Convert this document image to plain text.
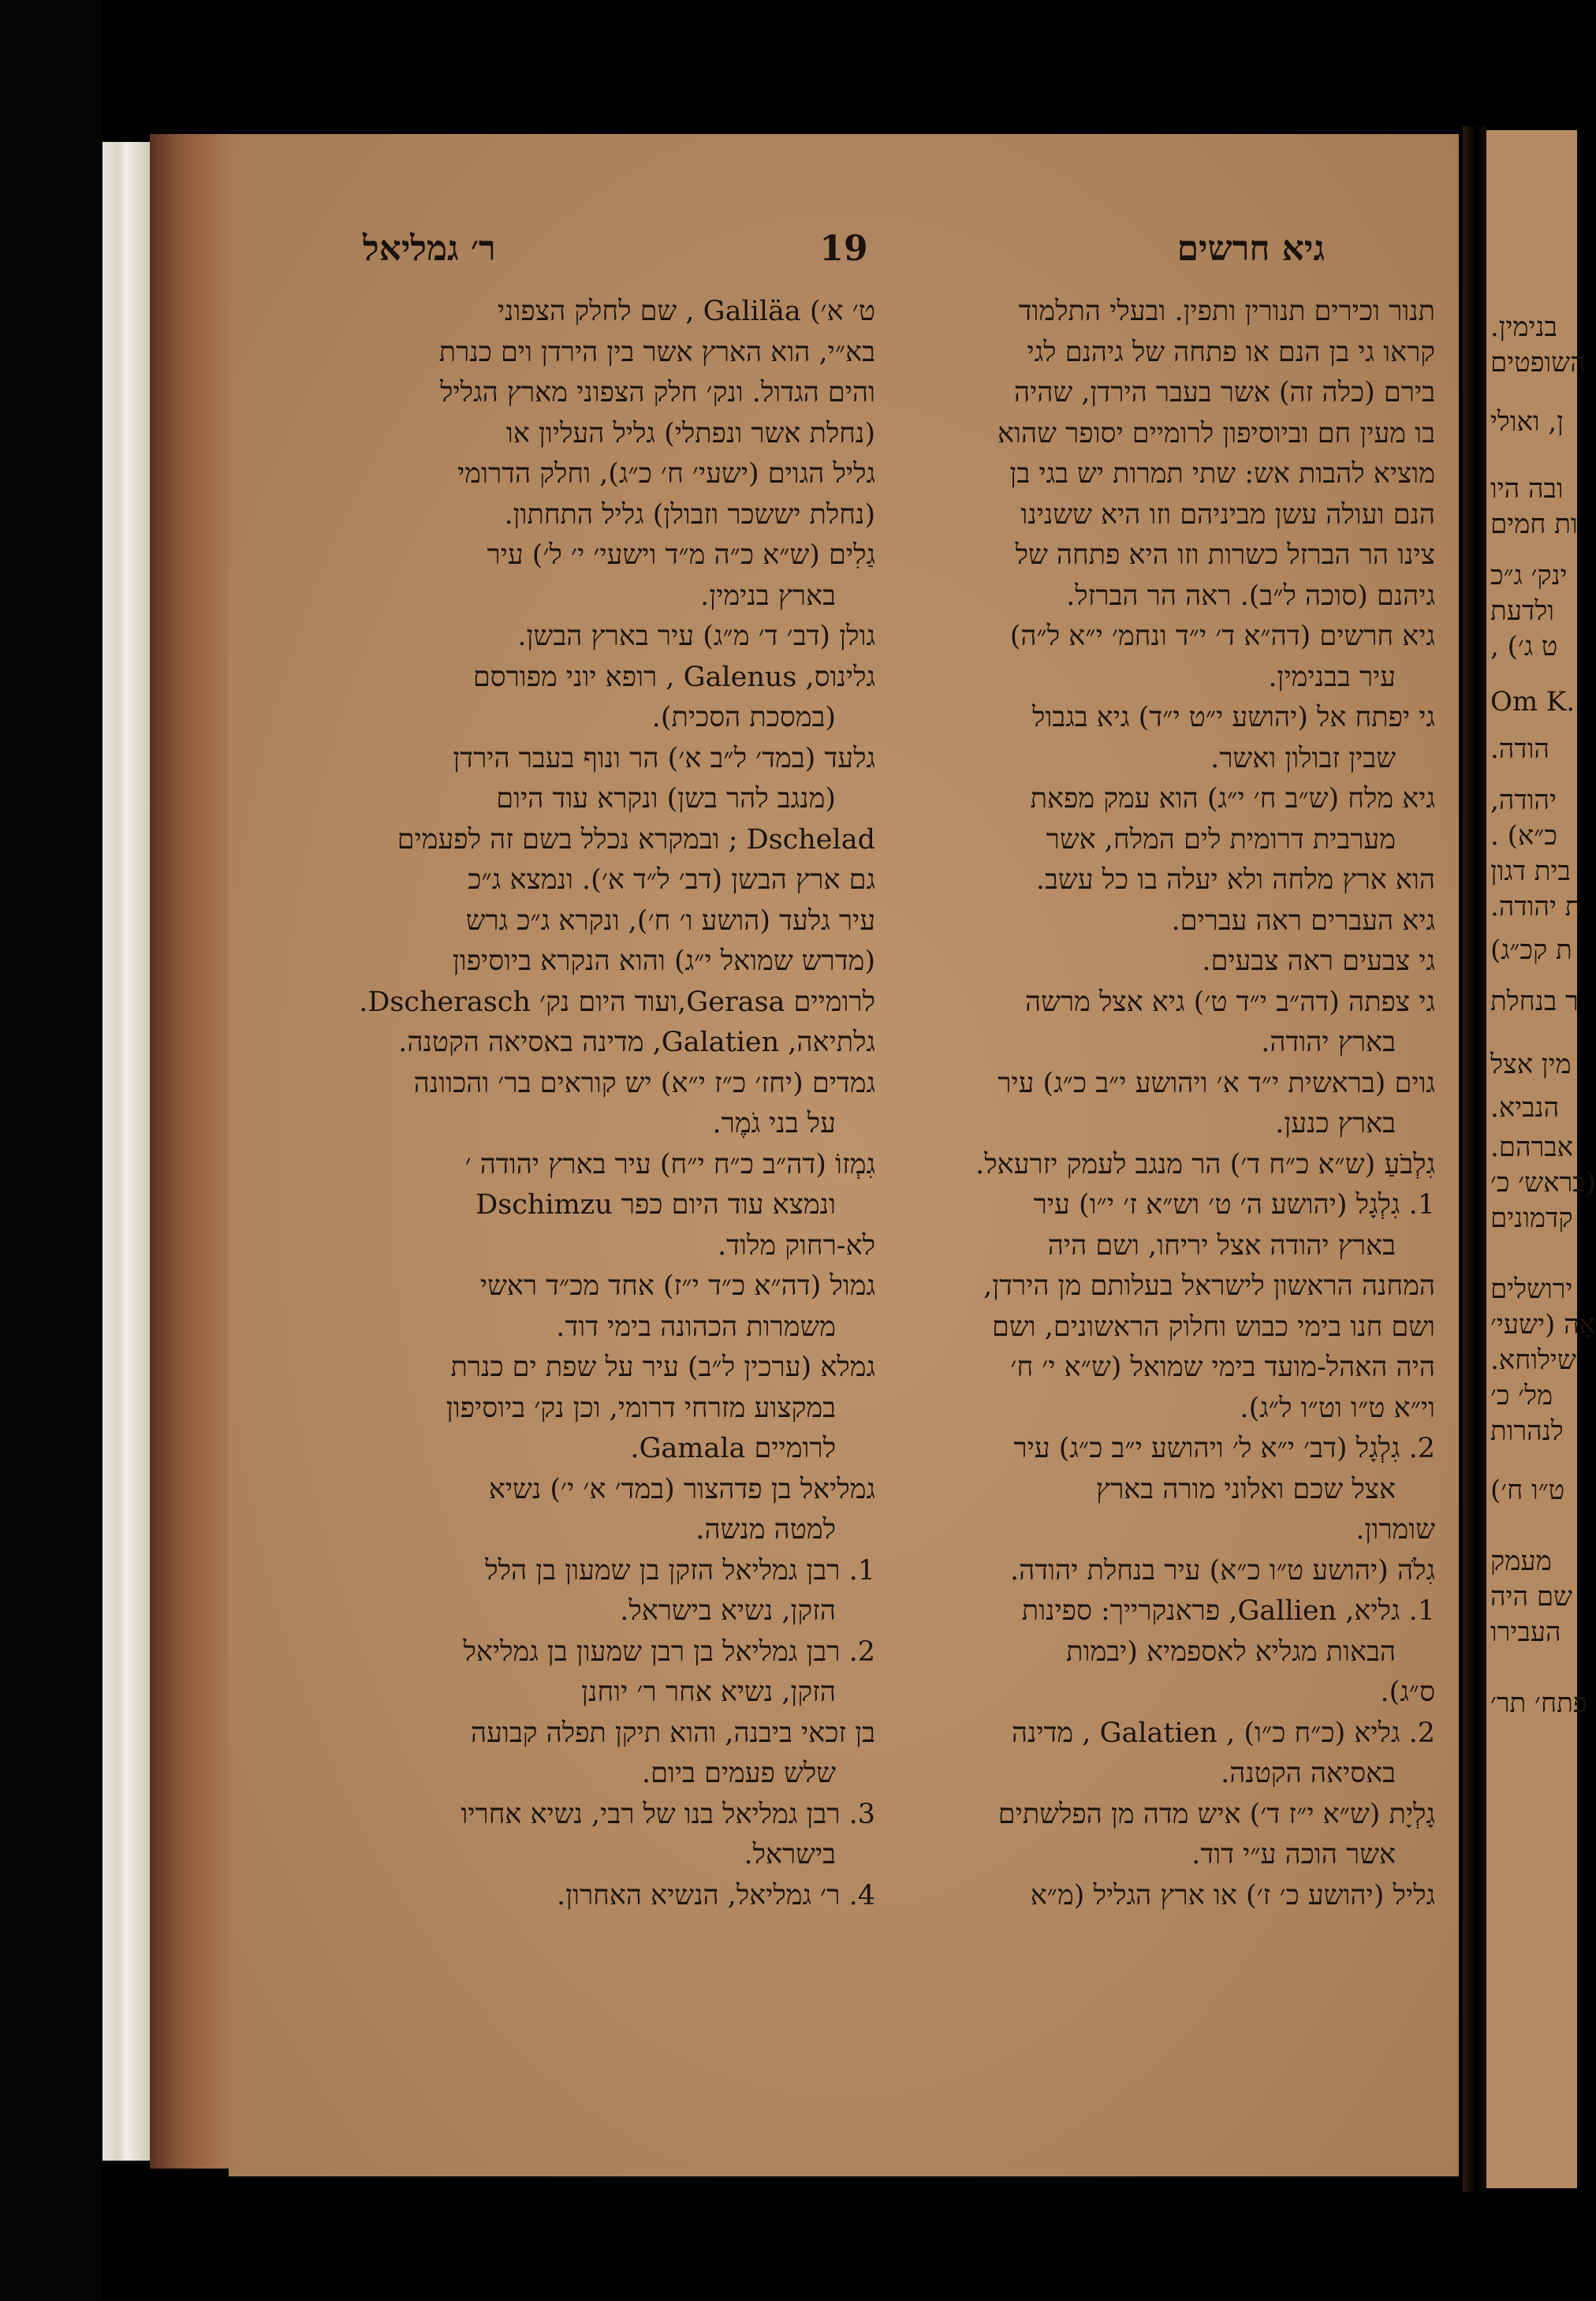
בנימין.
השופטים
ן, ואולי
ובה היו
ות חמים
ינק׳ ג״כ
ולדעת
ט ג׳) ,
.Om K
הודה.
יהודה,
כ״א) .
בית דגון
ת יהודה.
ת קכ״ג)
ר בנחלת
מין אצל
הנביא.
אברהם.
(בראש׳ כ׳
קדמונים
ירושלים
אָה (ישעי׳
שילוחא.
מל׳ כ׳
לנהרות
ט״ו ח׳)
מעמק
שם היה
העבירו
פתח׳ תר׳
גיא חרשים
19
ר׳ גמליאל
תנור וכירים תנורין ותפין. ובעלי התלמוד
קראו גי בן הנם או פתחה של גיהנם לגי
בירם (כלה זה) אשר בעבר הירדן, שהיה
בו מעין חם וביוסיפון לרומיים יסופר שהוא
מוציא להבות אש: שתי תמרות יש בגי בן
הנם ועולה עשן מביניהם וזו היא ששנינו
צינו הר הברזל כשרות וזו היא פתחה של
גיהנם (סוכה ל״ב). ראה הר הברזל.
גיא חרשים (דה״א ד׳ י״ד ונחמ׳ י״א ל״ה)
עיר בבנימין.
גי יפתח אל (יהושע י״ט י״ד) גיא בגבול
שבין זבולון ואשר.
גיא מלח (ש״ב ח׳ י״ג) הוא עמק מפאת
מערבית דרומית לים המלח, אשר
הוא ארץ מלחה ולא יעלה בו כל עשב.
גיא העברים ראה עברים.
גי צבעים ראה צבעים.
גי צפתה (דה״ב י״ד ט׳) גיא אצל מרשה
בארץ יהודה.
גוים (בראשית י״ד א׳ ויהושע י״ב כ״ג) עיר
בארץ כנען.
גִלְבֹעַ (ש״א כ״ח ד׳) הר מנגב לעמק יזרעאל.
1. גִלְגָל (יהושע ה׳ ט׳ וש״א ז׳ י״ו) עיר
בארץ יהודה אצל יריחו, ושם היה
המחנה הראשון לישראל בעלותם מן הירדן,
ושם חנו בימי כבוש וחלוק הראשונים, ושם
היה האהל-מועד בימי שמואל (ש״א י׳ ח׳
וי״א ט״ו וט״ו ל״ג).
2. גִלְגָל (דב׳ י״א ל׳ ויהושע י״ב כ״ג) עיר
אצל שכם ואלוני מורה בארץ
שומרון.
גִלֹה (יהושע ט״ו כ״א) עיר בנחלת יהודה.
1. גליא, Gallien, פראנקרייך: ספינות
הבאות מגליא לאספמיא (יבמות
ס״ג).
2. גליא (כ״ח כ״ו) , Galatien , מדינה
באסיאה הקטנה.
גָלְיָת (ש״א י״ז ד׳) איש מדה מן הפלשתים
אשר הוכה ע״י דוד.
גליל (יהושע כ׳ ז׳) או ארץ הגליל (מ״א
ט׳ א׳) Galiläa , שם לחלק הצפוני
בא״י, הוא הארץ אשר בין הירדן וים כנרת
והים הגדול. ונק׳ חלק הצפוני מארץ הגליל
(נחלת אשר ונפתלי) גליל העליון או
גליל הגוים (ישעי׳ ח׳ כ״ג), וחלק הדרומי
(נחלת יששכר וזבולן) גליל התחתון.
גַלִים (ש״א כ״ה מ״ד וישעי׳ י׳ ל׳) עיר
בארץ בנימין.
גולן (דב׳ ד׳ מ״ג) עיר בארץ הבשן.
גלינוס, Galenus , רופא יוני מפורסם
(במסכת הסכית).
גלעד (במד׳ ל״ב א׳) הר ונוף בעבר הירדן
(מנגב להר בשן) ונקרא עוד היום
Dschelad ; ובמקרא נכלל בשם זה לפעמים
גם ארץ הבשן (דב׳ ל״ד א׳). ונמצא ג״כ
עיר גלעד (הושע ו׳ ח׳), ונקרא ג״כ גרש
(מדרש שמואל י״ג) והוא הנקרא ביוסיפון
לרומיים Gerasa,ועוד היום נק׳ Dscherasch.
גלתיאה, Galatien, מדינה באסיאה הקטנה.
גמדים (יחז׳ כ״ז י״א) יש קוראים בר׳ והכוונה
על בני גֹמֶר.
גִמְזוֹ (דה״ב כ״ח י״ח) עיר בארץ יהודה ׳
ונמצא עוד היום כפר Dschimzu
לא-רחוק מלוד.
גמול (דה״א כ״ד י״ז) אחד מכ״ד ראשי
משמרות הכהונה בימי דוד.
גמלא (ערכין ל״ב) עיר על שפת ים כנרת
במקצוע מזרחי דרומי, וכן נק׳ ביוסיפון
לרומיים Gamala.
גמליאל בן פדהצור (במד׳ א׳ י׳) נשיא
למטה מנשה.
1. רבן גמליאל הזקן בן שמעון בן הלל
הזקן, נשיא בישראל.
2. רבן גמליאל בן רבן שמעון בן גמליאל
הזקן, נשיא אחר ר׳ יוחנן
בן זכאי ביבנה, והוא תיקן תפלה קבועה
שלש פעמים ביום.
3. רבן גמליאל בנו של רבי, נשיא אחריו
בישראל.
4. ר׳ גמליאל, הנשיא האחרון.
